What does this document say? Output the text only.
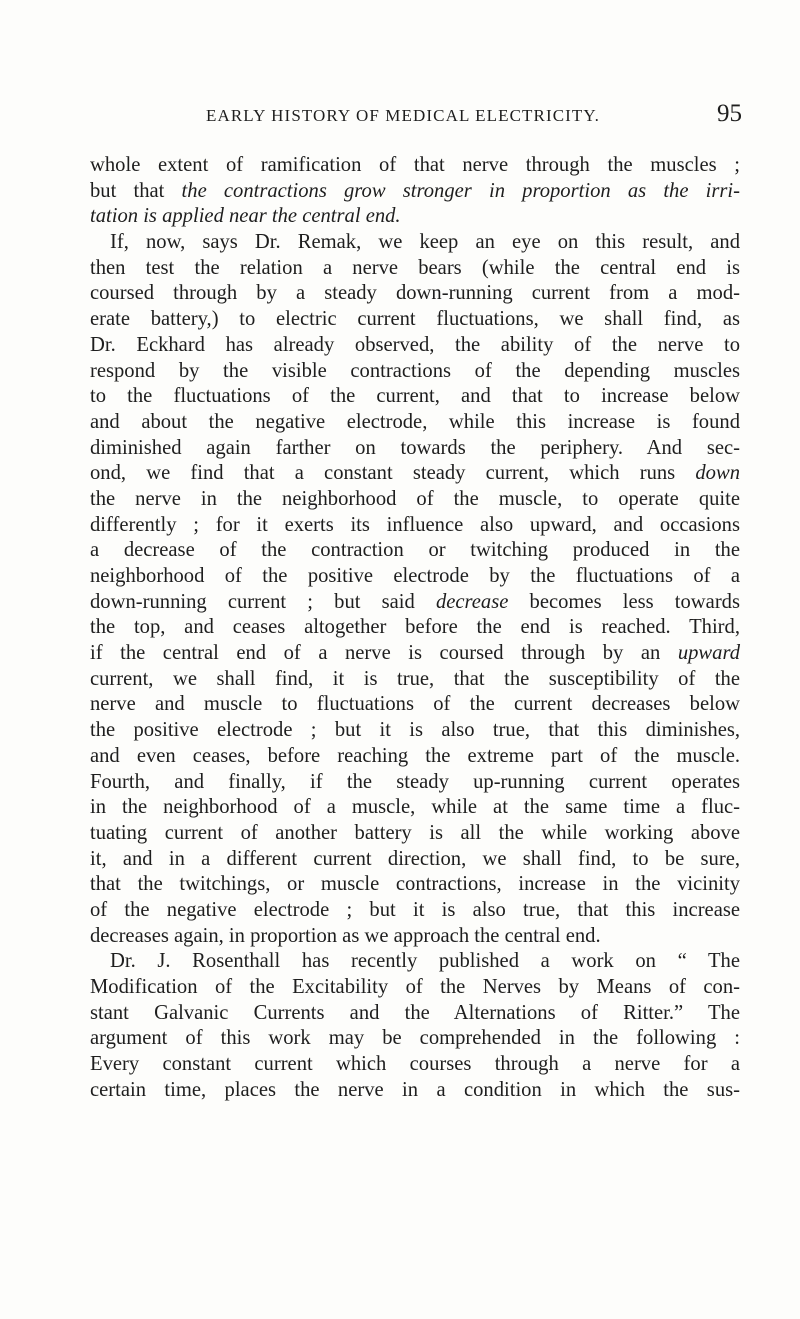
EARLY HISTORY OF MEDICAL ELECTRICITY.	95
whole extent of ramification of that nerve through the muscles ;
but that the contractions grow stronger in proportion as the irri-
tation is applied near the central end.
If, now, says Dr. Remak, we keep an eye on this result, and
then test the relation a nerve bears (while the central end is
coursed through by a steady down-running current from a mod-
erate battery,) to electric current fluctuations, we shall find, as
Dr. Eckhard has already observed, the ability of the nerve to
respond by the visible contractions of the depending muscles
to the fluctuations of the current, and that to increase below
and about the negative electrode, while this increase is found
diminished again farther on towards the periphery. And sec-
ond, we find that a constant steady current, which runs down
the nerve in the neighborhood of the muscle, to operate quite
differently ; for it exerts its influence also upward, and occasions
a decrease of the contraction or twitching produced in the
neighborhood of the positive electrode by the fluctuations of a
down-running current ; but said decrease becomes less towards
the top, and ceases altogether before the end is reached. Third,
if the central end of a nerve is coursed through by an upward
current, we shall find, it is true, that the susceptibility of the
nerve and muscle to fluctuations of the current decreases below
the positive electrode ; but it is also true, that this diminishes,
and even ceases, before reaching the extreme part of the muscle.
Fourth, and finally, if the steady up-running current operates
in the neighborhood of a muscle, while at the same time a fluc-
tuating current of another battery is all the while working above
it, and in a different current direction, we shall find, to be sure,
that the twitchings, or muscle contractions, increase in the vicinity
of the negative electrode ; but it is also true, that this increase
decreases again, in proportion as we approach the central end.
Dr. J. Rosenthall has recently published a work on “ The
Modification of the Excitability of the Nerves by Means of con-
stant Galvanic Currents and the Alternations of Ritter.” The
argument of this work may be comprehended in the following :
Every constant current which courses through a nerve for a
certain time, places the nerve in a condition in which the sus-
